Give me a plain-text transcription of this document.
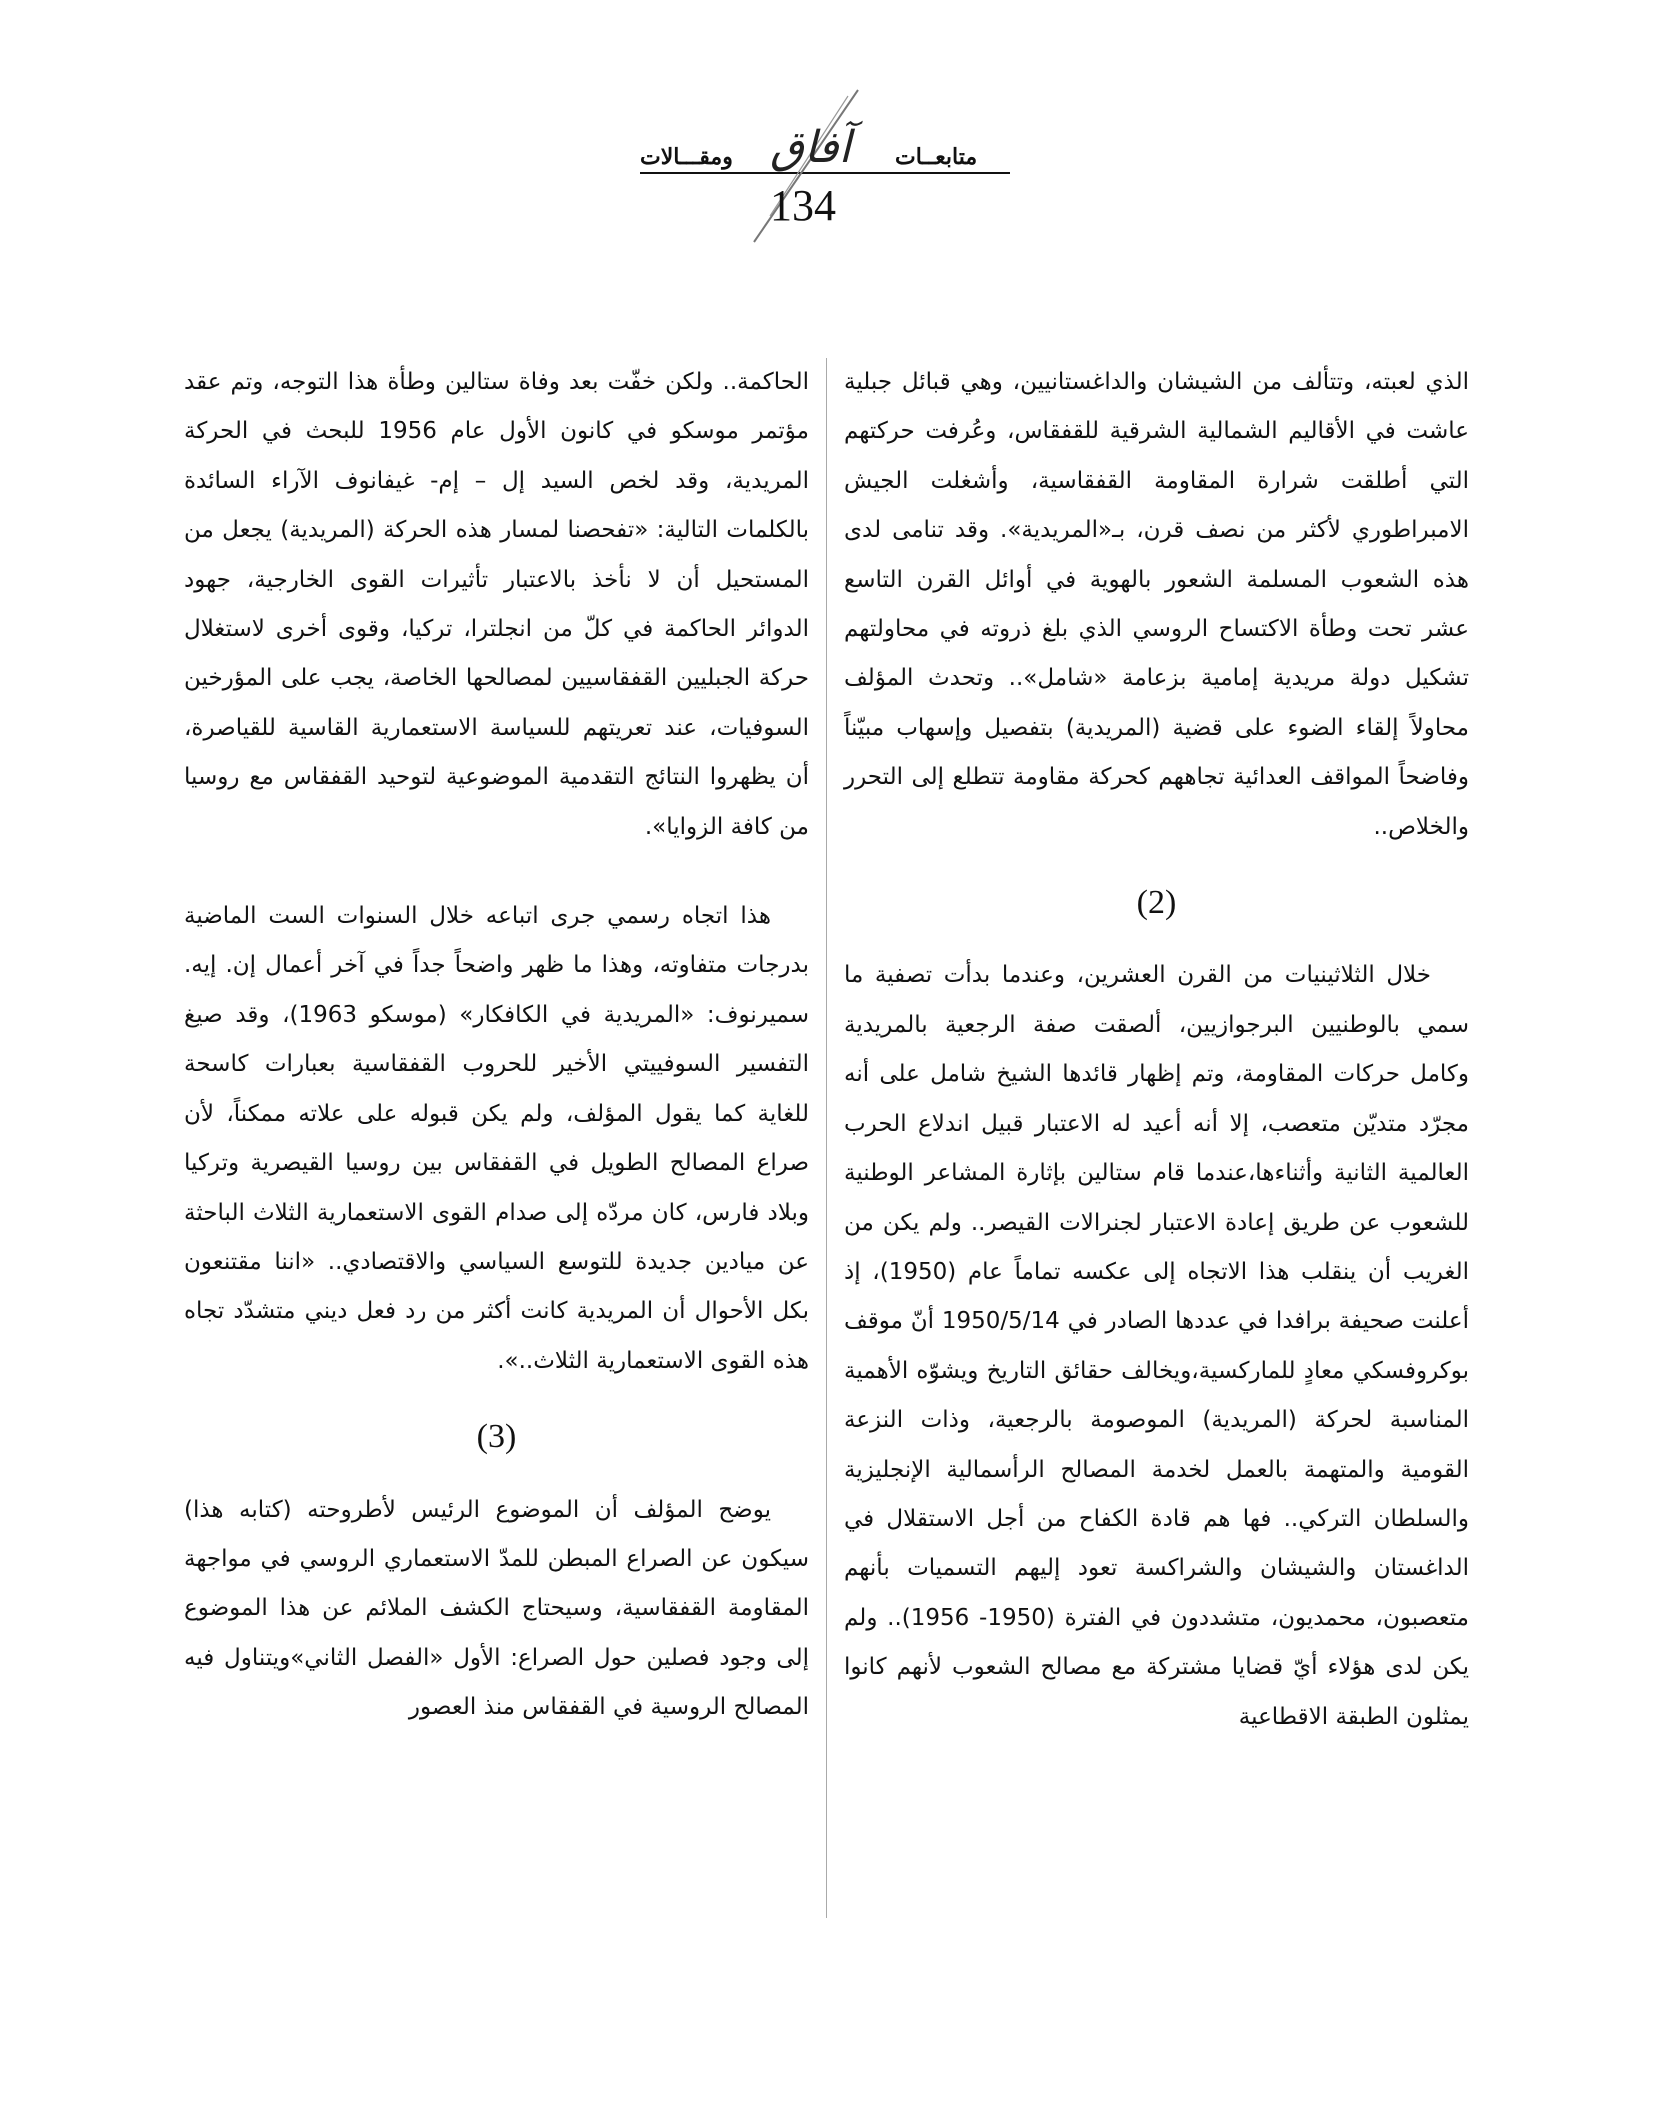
متابعــات
ومقـــالات آفاق
134

الذي لعبته، وتتألف من الشيشان والداغستانيين، وهي قبائل جبلية عاشت في الأقاليم الشمالية الشرقية للقفقاس، وعُرفت حركتهم التي أطلقت شرارة المقاومة القفقاسية، وأشغلت الجيش الامبراطوري لأكثر من نصف قرن، بـ«المريدية». وقد تنامى لدى هذه الشعوب المسلمة الشعور بالهوية في أوائل القرن التاسع عشر تحت وطأة الاكتساح الروسي الذي بلغ ذروته في محاولتهم تشكيل دولة مريدية إمامية بزعامة «شامل».. وتحدث المؤلف محاولاً إلقاء الضوء على قضية (المريدية) بتفصيل وإسهاب مبيّناً وفاضحاً المواقف العدائية تجاههم كحركة مقاومة تتطلع إلى التحرر والخلاص..

(2)

خلال الثلاثينيات من القرن العشرين، وعندما بدأت تصفية ما سمي بالوطنيين البرجوازيين، ألصقت صفة الرجعية بالمريدية وكامل حركات المقاومة، وتم إظهار قائدها الشيخ شامل على أنه مجرّد متديّن متعصب، إلا أنه أعيد له الاعتبار قبيل اندلاع الحرب العالمية الثانية وأثناءها،عندما قام ستالين بإثارة المشاعر الوطنية للشعوب عن طريق إعادة الاعتبار لجنرالات القيصر.. ولم يكن من الغريب أن ينقلب هذا الاتجاه إلى عكسه تماماً عام (1950)، إذ أعلنت صحيفة برافدا في عددها الصادر في 1950/5/14 أنّ موقف بوكروفسكي معادٍ للماركسية،ويخالف حقائق التاريخ ويشوّه الأهمية المناسبة لحركة (المريدية) الموصومة بالرجعية، وذات النزعة القومية والمتهمة بالعمل لخدمة المصالح الرأسمالية الإنجليزية والسلطان التركي.. فها هم قادة الكفاح من أجل الاستقلال في الداغستان والشيشان والشراكسة تعود إليهم التسميات بأنهم متعصبون، محمديون، متشددون في الفترة (1950- 1956).. ولم يكن لدى هؤلاء أيّ قضايا مشتركة مع مصالح الشعوب لأنهم كانوا يمثلون الطبقة الاقطاعية

الحاكمة.. ولكن خفّت بعد وفاة ستالين وطأة هذا التوجه، وتم عقد مؤتمر موسكو في كانون الأول عام 1956 للبحث في الحركة المريدية، وقد لخص السيد إل – إم- غيفانوف الآراء السائدة بالكلمات التالية: «تفحصنا لمسار هذه الحركة (المريدية) يجعل من المستحيل أن لا نأخذ بالاعتبار تأثيرات القوى الخارجية، جهود الدوائر الحاكمة في كلّ من انجلترا، تركيا، وقوى أخرى لاستغلال حركة الجبليين القفقاسيين لمصالحها الخاصة، يجب على المؤرخين السوفيات، عند تعريتهم للسياسة الاستعمارية القاسية للقياصرة، أن يظهروا النتائج التقدمية الموضوعية لتوحيد القفقاس مع روسيا من كافة الزوايا».

هذا اتجاه رسمي جرى اتباعه خلال السنوات الست الماضية بدرجات متفاوته، وهذا ما ظهر واضحاً جداً في آخر أعمال إن. إيه. سميرنوف: «المريدية في الكافكار» (موسكو 1963)، وقد صيغ التفسير السوفييتي الأخير للحروب القفقاسية بعبارات كاسحة للغاية كما يقول المؤلف، ولم يكن قبوله على علاته ممكناً، لأن صراع المصالح الطويل في القفقاس بين روسيا القيصرية وتركيا وبلاد فارس، كان مردّه إلى صدام القوى الاستعمارية الثلاث الباحثة عن ميادين جديدة للتوسع السياسي والاقتصادي.. «اننا مقتنعون بكل الأحوال أن المريدية كانت أكثر من رد فعل ديني متشدّد تجاه هذه القوى الاستعمارية الثلاث..».

(3)

يوضح المؤلف أن الموضوع الرئيس لأطروحته (كتابه هذا) سيكون عن الصراع المبطن للمدّ الاستعماري الروسي في مواجهة المقاومة القفقاسية، وسيحتاج الكشف الملائم عن هذا الموضوع إلى وجود فصلين حول الصراع: الأول «الفصل الثاني»ويتناول فيه المصالح الروسية في القفقاس منذ العصور
